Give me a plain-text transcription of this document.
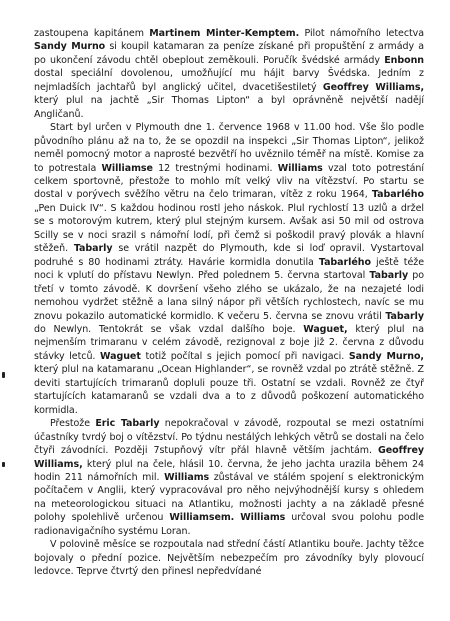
zastoupena kapitánem Martinem Minter-Kemptem. Pilot námořního letectva Sandy Murno si koupil katamaran za peníze získané při propuštění z armády a po ukončení závodu chtěl obeplout zeměkouli. Poručík švédské armády Enbonn dostal speciální dovolenou, umožňující mu hájit barvy Švédska. Jedním z nejmladších jachtařů byl anglický učitel, dvacetišestiletý Geoffrey Williams, který plul na jachtě „Sir Thomas Lipton“ a byl oprávněně největší nadějí Angličanů.

Start byl určen v Plymouth dne 1. července 1968 v 11.00 hod. Vše šlo podle původního plánu až na to, že se opozdil na inspekci „Sir Thomas Lipton“, jelikož neměl pomocný motor a naprosté bezvětří ho uvěznilo téměř na místě. Komise za to potrestala Williamse 12 trestnými hodinami. Williams vzal toto potrestání celkem sportovně, přestože to mohlo mít velký vliv na vítězství. Po startu se dostal v porývech svěžího větru na čelo trimaran, vítěz z roku 1964, Tabarlého „Pen Duick IV“. S každou hodinou rostl jeho náskok. Plul rychlostí 13 uzlů a držel se s motorovým kutrem, který plul stejným kursem. Avšak asi 50 mil od ostrova Scilly se v noci srazil s námořní lodí, při čemž si poškodil pravý plovák a hlavní stěžeň. Tabarly se vrátil nazpět do Plymouth, kde si loď opravil. Vystartoval podruhé s 80 hodinami ztráty. Havárie kormidla donutila Tabarlého ještě téže noci k vplutí do přístavu Newlyn. Před polednem 5. června startoval Tabarly po třetí v tomto závodě. K dovršení všeho zlého se ukázalo, že na nezajeté lodi nemohou vydržet stěžně a lana silný nápor při větších rychlostech, navíc se mu znovu pokazilo automatické kormidlo. K večeru 5. června se znovu vrátil Tabarly do Newlyn. Tentokrát se však vzdal dalšího boje. Waguet, který plul na nejmenším trimaranu v celém závodě, rezignoval z boje již 2. června z důvodu stávky letců. Waguet totiž počítal s jejich pomocí při navigaci. Sandy Murno, který plul na katamaranu „Ocean Highlander“, se rovněž vzdal po ztrátě stěžně. Z deviti startujících trimaranů dopluli pouze tři. Ostatní se vzdali. Rovněž ze čtyř startujících katamaranů se vzdali dva a to z důvodů poškození automatického kormidla.

Přestože Eric Tabarly nepokračoval v závodě, rozpoutal se mezi ostatními účastníky tvrdý boj o vítězství. Po týdnu nestálých lehkých větrů se dostali na čelo čtyři závodníci. Později 7stupňový vítr přál hlavně větším jachtám. Geoffrey Williams, který plul na čele, hlásil 10. června, že jeho jachta urazila během 24 hodin 211 námořních mil. Williams zůstával ve stálém spojení s elektronickým počítačem v Anglii, který vypracovával pro něho nejvýhodnější kursy s ohledem na meteorologickou situaci na Atlantiku, možnosti jachty a na základě přesné polohy spolehlivě určenou Williamsem. Williams určoval svou polohu podle radionavigačního systému Loran.

V polovině měsíce se rozpoutala nad střední částí Atlantiku bouře. Jachty těžce bojovaly o přední pozice. Největším nebezpečím pro závodníky byly plovoucí ledovce. Teprve čtvrtý den přinesl nepředvídané
